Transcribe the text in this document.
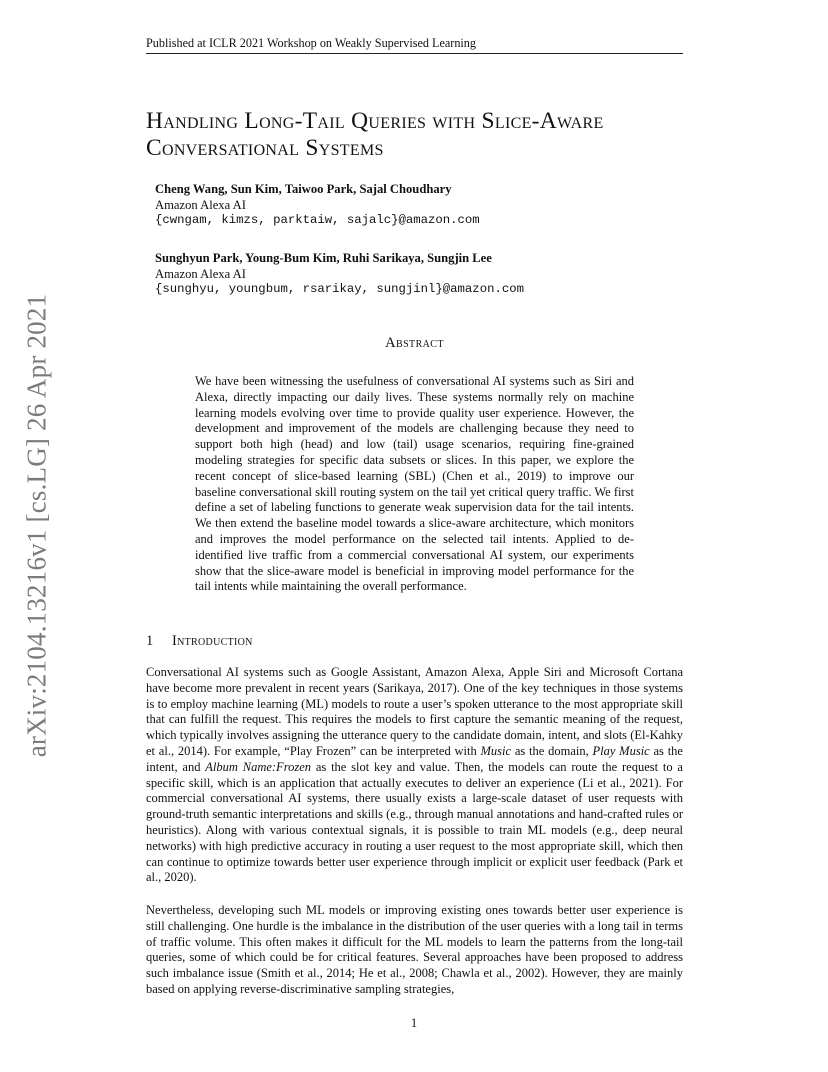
Published at ICLR 2021 Workshop on Weakly Supervised Learning
arXiv:2104.13216v1 [cs.LG] 26 Apr 2021
Handling Long-Tail Queries with Slice-Aware
Conversational Systems
Cheng Wang, Sun Kim, Taiwoo Park, Sajal Choudhary
Amazon Alexa AI
{cwngam, kimzs, parktaiw, sajalc}@amazon.com
Sunghyun Park, Young-Bum Kim, Ruhi Sarikaya, Sungjin Lee
Amazon Alexa AI
{sunghyu, youngbum, rsarikay, sungjinl}@amazon.com
Abstract
We have been witnessing the usefulness of conversational AI systems such as Siri and Alexa, directly impacting our daily lives. These systems normally rely on machine learning models evolving over time to provide quality user experience. However, the development and improvement of the models are challenging because they need to support both high (head) and low (tail) usage scenarios, requiring fine-grained modeling strategies for specific data subsets or slices. In this paper, we explore the recent concept of slice-based learning (SBL) (Chen et al., 2019) to improve our baseline conversational skill routing system on the tail yet critical query traffic. We first define a set of labeling functions to generate weak supervision data for the tail intents. We then extend the baseline model towards a slice-aware architecture, which monitors and improves the model performance on the selected tail intents. Applied to de-identified live traffic from a commercial conversational AI system, our experiments show that the slice-aware model is beneficial in improving model performance for the tail intents while maintaining the overall performance.
1 Introduction
Conversational AI systems such as Google Assistant, Amazon Alexa, Apple Siri and Microsoft Cortana have become more prevalent in recent years (Sarikaya, 2017). One of the key techniques in those systems is to employ machine learning (ML) models to route a user’s spoken utterance to the most appropriate skill that can fulfill the request. This requires the models to first capture the semantic meaning of the request, which typically involves assigning the utterance query to the candidate domain, intent, and slots (El-Kahky et al., 2014). For example, “Play Frozen” can be interpreted with Music as the domain, Play Music as the intent, and Album Name:Frozen as the slot key and value. Then, the models can route the request to a specific skill, which is an application that actually executes to deliver an experience (Li et al., 2021). For commercial conversational AI systems, there usually exists a large-scale dataset of user requests with ground-truth semantic interpretations and skills (e.g., through manual annotations and hand-crafted rules or heuristics). Along with various contextual signals, it is possible to train ML models (e.g., deep neural networks) with high predictive accuracy in routing a user request to the most appropriate skill, which then can continue to optimize towards better user experience through implicit or explicit user feedback (Park et al., 2020).
Nevertheless, developing such ML models or improving existing ones towards better user experience is still challenging. One hurdle is the imbalance in the distribution of the user queries with a long tail in terms of traffic volume. This often makes it difficult for the ML models to learn the patterns from the long-tail queries, some of which could be for critical features. Several approaches have been proposed to address such imbalance issue (Smith et al., 2014; He et al., 2008; Chawla et al., 2002). However, they are mainly based on applying reverse-discriminative sampling strategies,
1
